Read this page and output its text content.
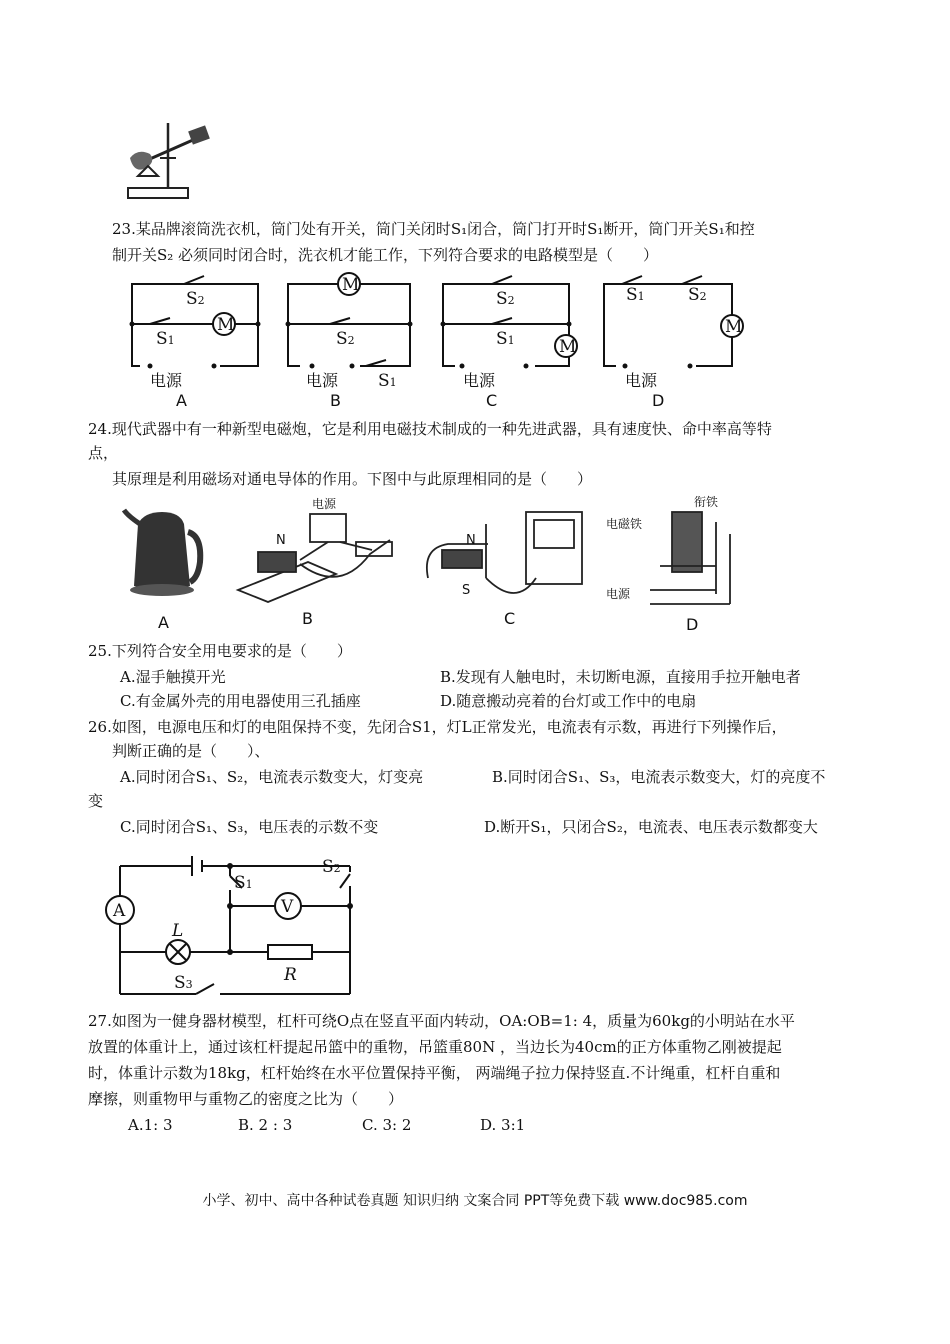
23.某品牌滚筒洗衣机，筒门处有开关，筒门关闭时S₁闭合，筒门打开时S₁断开，筒门开关S₁和控
制开关S₂ 必须同时闭合时，洗衣机才能工作，下列符合要求的电路模型是（　　）
M
M
M
M
S2
S1	S2
S1
S2
S1
S1	S2
电源	电源	电源	电源
A	B	C	D
24.现代武器中有一种新型电磁炮，它是利用电磁技术制成的一种先进武器，具有速度快、命中率高等特
点，
其原理是利用磁场对通电导体的作用。下图中与此原理相同的是（　　）
A
电源
N
B
N
S
C
衔铁
电磁铁
电源
D
25.下列符合安全用电要求的是（　　）
A.湿手触摸开光	B.发现有人触电时，未切断电源，直接用手拉开触电者
C.有金属外壳的用电器使用三孔插座	D.随意搬动亮着的台灯或工作中的电扇
26.如图，电源电压和灯的电阻保持不变，先闭合S1，灯L正常发光，电流表有示数，再进行下列操作后，
判断正确的是（　　）、
A.同时闭合S₁、S₂，电流表示数变大，灯变亮	B.同时闭合S₁、S₃，电流表示数变大，灯的亮度不
变
C.同时闭合S₁、S₃，电压表的示数不变	D.断开S₁，只闭合S₂，电流表、电压表示数都变大
A	V
L
R
S1
S2
S3
27.如图为一健身器材模型，杠杆可绕O点在竖直平面内转动，OA:OB=1: 4，质量为60kg的小明站在水平
放置的体重计上，通过该杠杆提起吊篮中的重物，吊篮重80N ，当边长为40cm的正方体重物乙刚被提起
时，体重计示数为18kg，杠杆始终在水平位置保持平衡， 两端绳子拉力保持竖直.不计绳重，杠杆自重和
摩擦，则重物甲与重物乙的密度之比为（　　）
A.1: 3	B. 2 : 3	C. 3: 2	D. 3:1
小学、初中、高中各种试卷真题 知识归纳 文案合同 PPT等免费下载 www.doc985.com
